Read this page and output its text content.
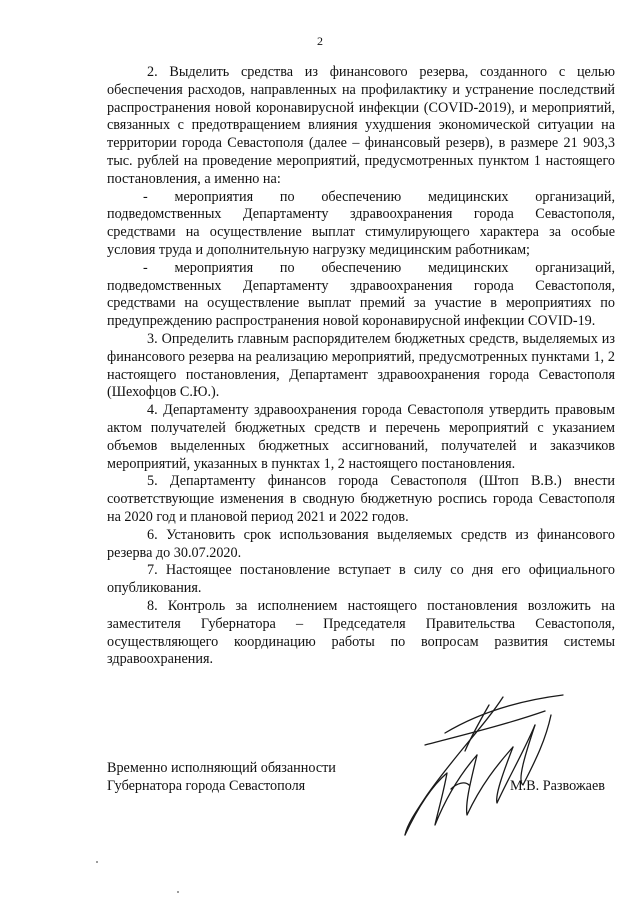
2

2. Выделить средства из финансового резерва, созданного с целью обеспечения расходов, направленных на профилактику и устранение последствий распространения новой коронавирусной инфекции (COVID-2019), и мероприятий, связанных с предотвращением влияния ухудшения экономической ситуации на территории города Севастополя (далее – финансовый резерв), в размере 21 903,3 тыс. рублей на проведение мероприятий, предусмотренных пунктом 1 настоящего постановления, а именно на:

- мероприятия по обеспечению медицинских организаций, подведомственных Департаменту здравоохранения города Севастополя, средствами на осуществление выплат стимулирующего характера за особые условия труда и дополнительную нагрузку медицинским работникам;

- мероприятия по обеспечению медицинских организаций, подведомственных Департаменту здравоохранения города Севастополя, средствами на осуществление выплат премий за участие в мероприятиях по предупреждению распространения новой коронавирусной инфекции COVID-19.

3. Определить главным распорядителем бюджетных средств, выделяемых из финансового резерва на реализацию мероприятий, предусмотренных пунктами 1, 2 настоящего постановления, Департамент здравоохранения города Севастополя (Шехофцов С.Ю.).

4. Департаменту здравоохранения города Севастополя утвердить правовым актом получателей бюджетных средств и перечень мероприятий с указанием объемов выделенных бюджетных ассигнований, получателей и заказчиков мероприятий, указанных в пунктах 1, 2 настоящего постановления.

5. Департаменту финансов города Севастополя (Штоп В.В.) внести соответствующие изменения в сводную бюджетную роспись города Севастополя на 2020 год и плановой период 2021 и 2022 годов.

6. Установить срок использования выделяемых средств из финансового резерва до 30.07.2020.

7. Настоящее постановление вступает в силу со дня его официального опубликования.

8. Контроль за исполнением настоящего постановления возложить на заместителя Губернатора – Председателя Правительства Севастополя, осуществляющего координацию работы по вопросам развития системы здравоохранения.

Временно исполняющий обязанности
Губернатора города Севастополя	М.В. Развожаев
